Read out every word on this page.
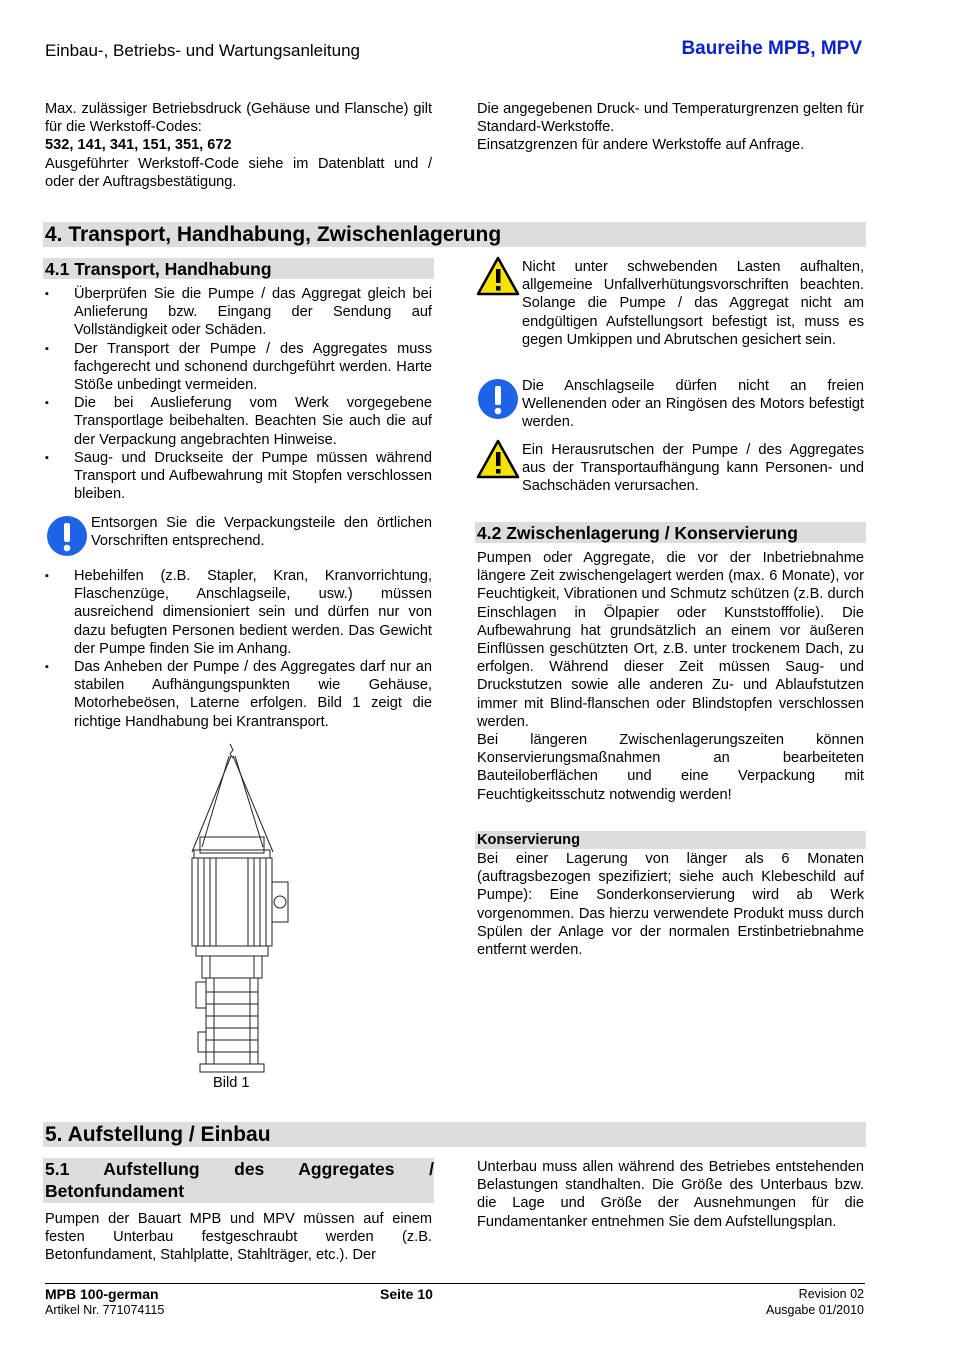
Einbau-, Betriebs- und Wartungsanleitung	Baureihe MPB, MPV

Max. zulässiger Betriebsdruck (Gehäuse und Flansche) gilt für die Werkstoff-Codes:

532, 141, 341, 151, 351, 672

Ausgeführter Werkstoff-Code siehe im Datenblatt und / oder der Auftragsbestätigung.

Die angegebenen Druck- und Temperaturgrenzen gelten für Standard-Werkstoffe.

Einsatzgrenzen für andere Werkstoffe auf Anfrage.

4. Transport, Handhabung, Zwischenlagerung
4.1 Transport, Handhabung
▪ Überprüfen Sie die Pumpe / das Aggregat gleich bei Anlieferung bzw. Eingang der Sendung auf Vollständigkeit oder Schäden.
▪ Der Transport der Pumpe / des Aggregates muss fachgerecht und schonend durchgeführt werden. Harte Stöße unbedingt vermeiden.
▪ Die bei Auslieferung vom Werk vorgegebene Transportlage beibehalten. Beachten Sie auch die auf der Verpackung angebrachten Hinweise.
▪ Saug- und Druckseite der Pumpe müssen während Transport und Aufbewahrung mit Stopfen verschlossen bleiben.

Entsorgen Sie die Verpackungsteile den örtlichen Vorschriften entsprechend.

▪ Hebehilfen (z.B. Stapler, Kran, Kranvorrichtung, Flaschenzüge, Anschlagseile, usw.) müssen ausreichend dimensioniert sein und dürfen nur von dazu befugten Personen bedient werden. Das Gewicht der Pumpe finden Sie im Anhang.
▪ Das Anheben der Pumpe / des Aggregates darf nur an stabilen Aufhängungspunkten wie Gehäuse, Motorhebeösen, Laterne erfolgen. Bild 1 zeigt die richtige Handhabung bei Krantransport.
Bild 1

Nicht unter schwebenden Lasten aufhalten, allgemeine Unfallverhütungsvorschriften beachten. Solange die Pumpe / das Aggregat nicht am endgültigen Aufstellungsort befestigt ist, muss es gegen Umkippen und Abrutschen gesichert sein.

Die Anschlagseile dürfen nicht an freien Wellenenden oder an Ringösen des Motors befestigt werden.

Ein Herausrutschen der Pumpe / des Aggregates aus der Transportaufhängung kann Personen- und Sachschäden verursachen.

4.2 Zwischenlagerung / Konservierung

Pumpen oder Aggregate, die vor der Inbetriebnahme längere Zeit zwischengelagert werden (max. 6 Monate), vor Feuchtigkeit, Vibrationen und Schmutz schützen (z.B. durch Einschlagen in Ölpapier oder Kunststofffolie). Die Aufbewahrung hat grundsätzlich an einem vor äußeren Einflüssen geschützten Ort, z.B. unter trockenem Dach, zu erfolgen. Während dieser Zeit müssen Saug- und Druckstutzen sowie alle anderen Zu- und Ablaufstutzen immer mit Blind-flanschen oder Blindstopfen verschlossen werden.

Bei längeren Zwischenlagerungszeiten können Konservierungsmaßnahmen an bearbeiteten Bauteiloberflächen und eine Verpackung mit Feuchtigkeitsschutz notwendig werden!

Konservierung

Bei einer Lagerung von länger als 6 Monaten (auftragsbezogen spezifiziert; siehe auch Klebeschild auf Pumpe): Eine Sonderkonservierung wird ab Werk vorgenommen. Das hierzu verwendete Produkt muss durch Spülen der Anlage vor der normalen Erstinbetriebnahme entfernt werden.

5. Aufstellung / Einbau
5.1 Aufstellung des Aggregates / Betonfundament

Pumpen der Bauart MPB und MPV müssen auf einem festen Unterbau festgeschraubt werden (z.B. Betonfundament, Stahlplatte, Stahlträger, etc.). Der

Unterbau muss allen während des Betriebes entstehenden Belastungen standhalten. Die Größe des Unterbaus bzw. die Lage und Größe der Ausnehmungen für die Fundamentanker entnehmen Sie dem Aufstellungsplan.

MPB 100-german	Seite 10	Revision 02
Artikel Nr. 771074115	Ausgabe 01/2010
